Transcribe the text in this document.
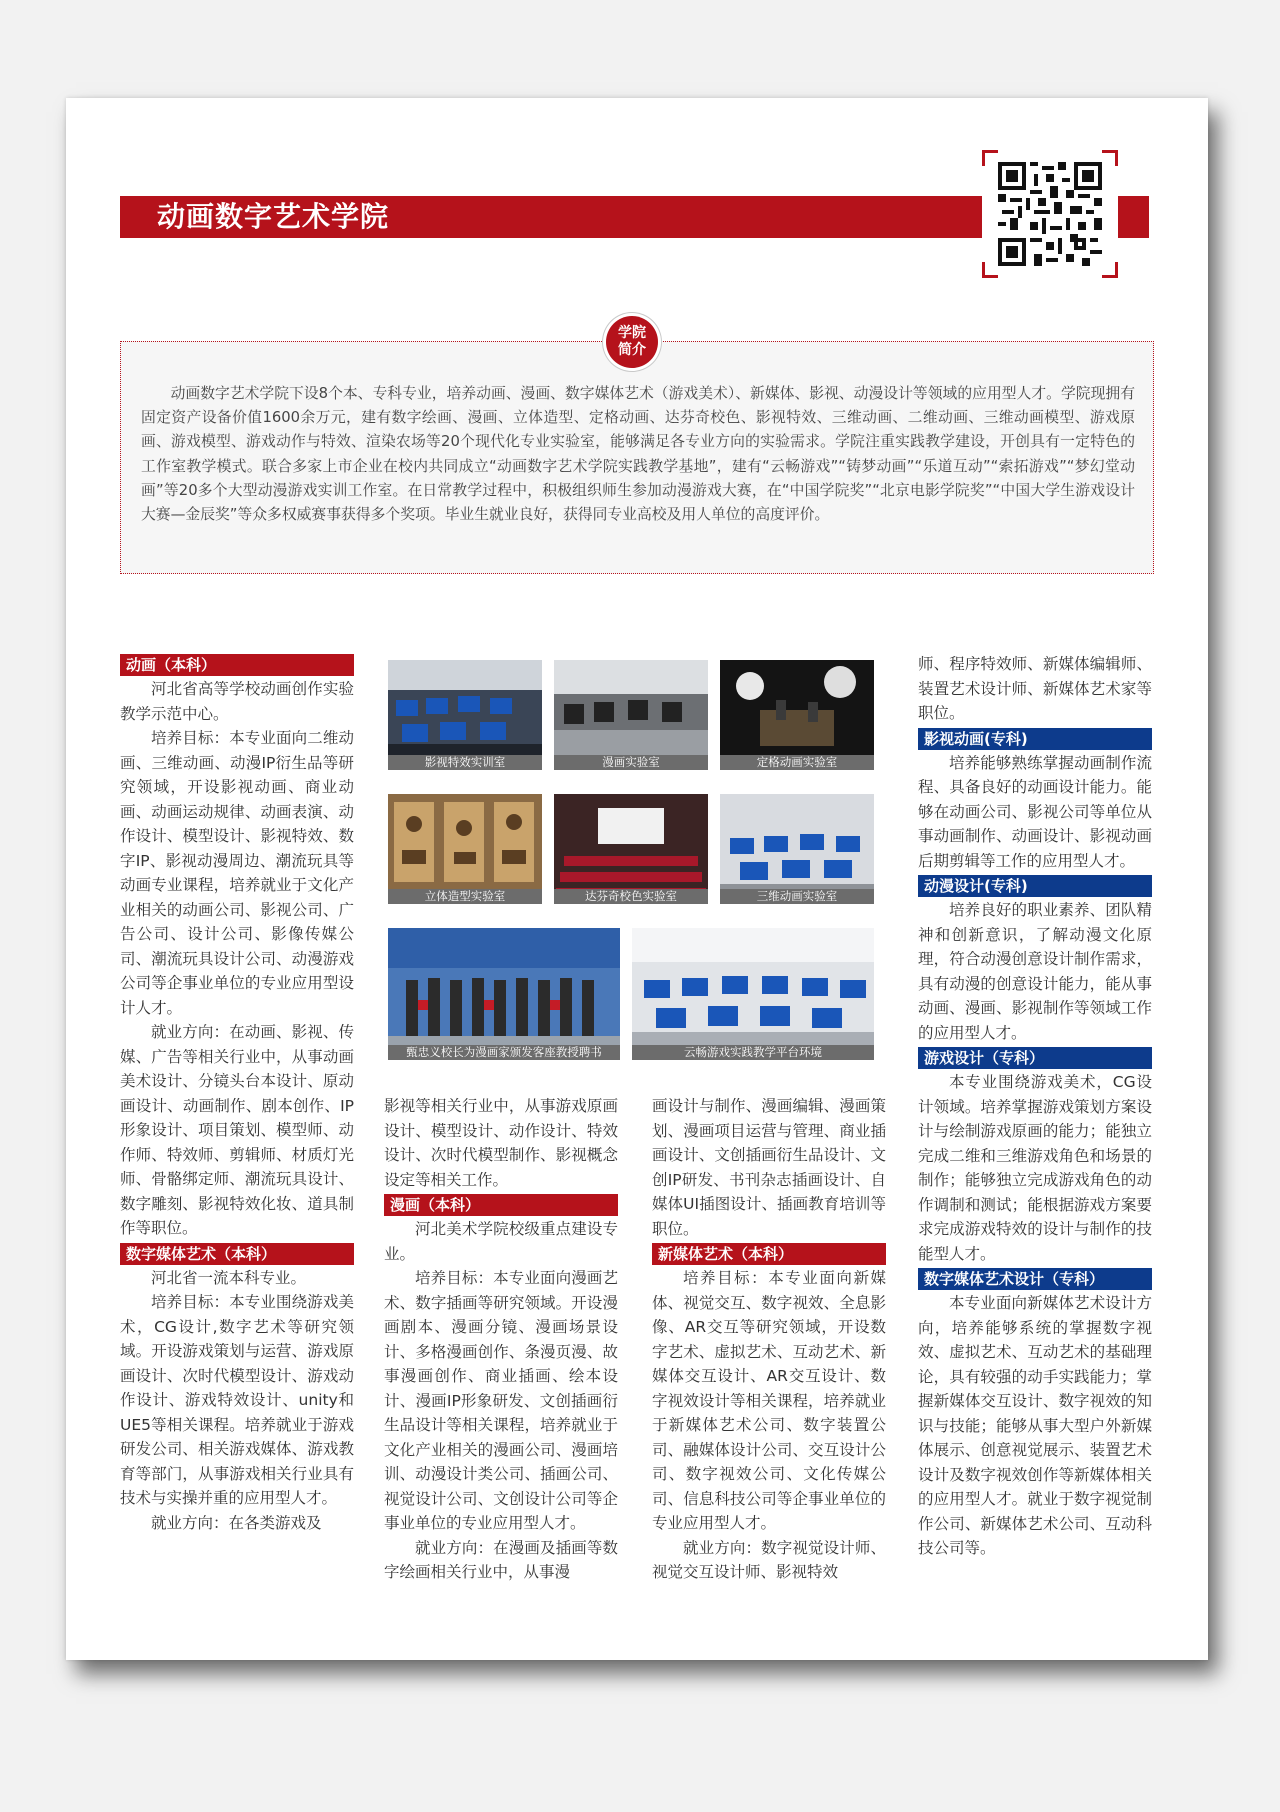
动画数字艺术学院

动画数字艺术学院下设8个本、专科专业，培养动画、漫画、数字媒体艺术（游戏美术）、新媒体、影视、动漫设计等领域的应用型人才。学院现拥有固定资产设备价值1600余万元，建有数字绘画、漫画、立体造型、定格动画、达芬奇校色、影视特效、三维动画、二维动画、三维动画模型、游戏原画、游戏模型、游戏动作与特效、渲染农场等20个现代化专业实验室，能够满足各专业方向的实验需求。学院注重实践教学建设，开创具有一定特色的工作室教学模式。联合多家上市企业在校内共同成立“动画数字艺术学院实践教学基地”，建有“云畅游戏”“铸梦动画”“乐道互动”“索拓游戏”“梦幻堂动画”等20多个大型动漫游戏实训工作室。在日常教学过程中，积极组织师生参加动漫游戏大赛，在“中国学院奖”“北京电影学院奖”“中国大学生游戏设计大赛—金辰奖”等众多权威赛事获得多个奖项。毕业生就业良好，获得同专业高校及用人单位的高度评价。

学院
简介
动画（本科）

河北省高等学校动画创作实验教学示范中心。

培养目标：本专业面向二维动画、三维动画、动漫IP衍生品等研究领域，开设影视动画、商业动画、动画运动规律、动画表演、动作设计、模型设计、影视特效、数字IP、影视动漫周边、潮流玩具等动画专业课程，培养就业于文化产业相关的动画公司、影视公司、广告公司、设计公司、影像传媒公司、潮流玩具设计公司、动漫游戏公司等企事业单位的专业应用型设计人才。

就业方向：在动画、影视、传媒、广告等相关行业中，从事动画美术设计、分镜头台本设计、原动画设计、动画制作、剧本创作、IP形象设计、项目策划、模型师、动作师、特效师、剪辑师、材质灯光师、骨骼绑定师、潮流玩具设计、数字雕刻、影视特效化妆、道具制作等职位。

数字媒体艺术（本科）

河北省一流本科专业。

培养目标：本专业围绕游戏美术，CG设计,数字艺术等研究领域。开设游戏策划与运营、游戏原画设计、次时代模型设计、游戏动作设计、游戏特效设计、unity和UE5等相关课程。培养就业于游戏研发公司、相关游戏媒体、游戏教育等部门，从事游戏相关行业具有技术与实操并重的应用型人才。

就业方向：在各类游戏及

影视特效实训室	漫画实验室	定格动画实验室
立体造型实验室	达芬奇校色实验室	三维动画实验室
甄忠义校长为漫画家颁发客座教授聘书	云畅游戏实践教学平台环境

影视等相关行业中，从事游戏原画设计、模型设计、动作设计、特效设计、次时代模型制作、影视概念设定等相关工作。

漫画（本科）

河北美术学院校级重点建设专业。

培养目标：本专业面向漫画艺术、数字插画等研究领域。开设漫画剧本、漫画分镜、漫画场景设计、多格漫画创作、条漫页漫、故事漫画创作、商业插画、绘本设计、漫画IP形象研发、文创插画衍生品设计等相关课程，培养就业于文化产业相关的漫画公司、漫画培训、动漫设计类公司、插画公司、视觉设计公司、文创设计公司等企事业单位的专业应用型人才。

就业方向：在漫画及插画等数字绘画相关行业中，从事漫

画设计与制作、漫画编辑、漫画策划、漫画项目运营与管理、商业插画设计、文创插画衍生品设计、文创IP研发、书刊杂志插画设计、自媒体UI插图设计、插画教育培训等职位。

新媒体艺术（本科）

培养目标：本专业面向新媒体、视觉交互、数字视效、全息影像、AR交互等研究领域，开设数字艺术、虚拟艺术、互动艺术、新媒体交互设计、AR交互设计、数字视效设计等相关课程，培养就业于新媒体艺术公司、数字装置公司、融媒体设计公司、交互设计公司、数字视效公司、文化传媒公司、信息科技公司等企事业单位的专业应用型人才。

就业方向：数字视觉设计师、视觉交互设计师、影视特效

师、程序特效师、新媒体编辑师、装置艺术设计师、新媒体艺术家等职位。

影视动画(专科)

培养能够熟练掌握动画制作流程、具备良好的动画设计能力。能够在动画公司、影视公司等单位从事动画制作、动画设计、影视动画后期剪辑等工作的应用型人才。

动漫设计(专科)

培养良好的职业素养、团队精神和创新意识，了解动漫文化原理，符合动漫创意设计制作需求，具有动漫的创意设计能力，能从事动画、漫画、影视制作等领域工作的应用型人才。

游戏设计（专科）

本专业围绕游戏美术，CG设计领域。培养掌握游戏策划方案设计与绘制游戏原画的能力；能独立完成二维和三维游戏角色和场景的制作；能够独立完成游戏角色的动作调制和测试；能根据游戏方案要求完成游戏特效的设计与制作的技能型人才。

数字媒体艺术设计（专科）

本专业面向新媒体艺术设计方向，培养能够系统的掌握数字视效、虚拟艺术、互动艺术的基础理论，具有较强的动手实践能力；掌握新媒体交互设计、数字视效的知识与技能；能够从事大型户外新媒体展示、创意视觉展示、装置艺术设计及数字视效创作等新媒体相关的应用型人才。就业于数字视觉制作公司、新媒体艺术公司、互动科技公司等。
